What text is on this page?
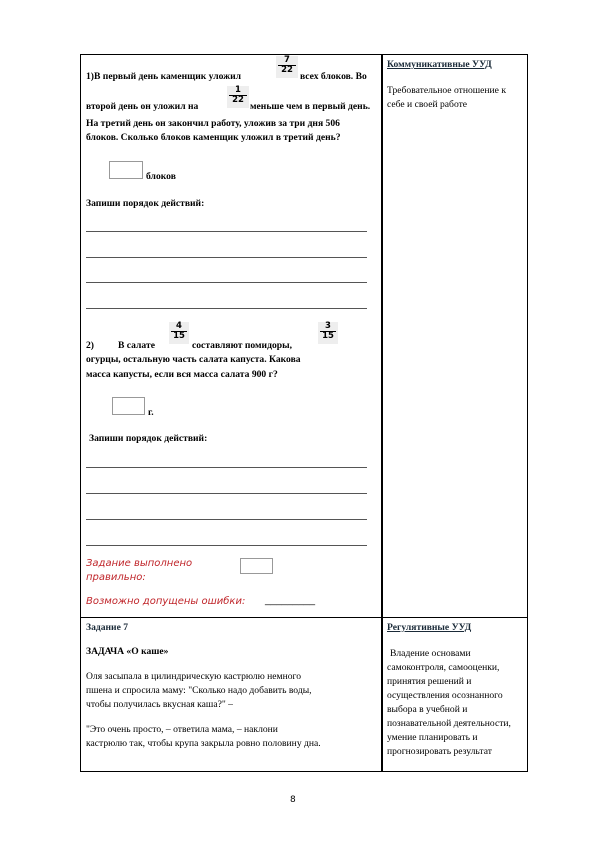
1)В первый день каменщик уложил
7
22
всех блоков. Во
второй день он уложил на
1
22
меньше чем в первый день.
На третий день он закончил работу, уложив за три дня 506
блоков. Сколько блоков каменщик уложил в третий день?
блоков
Запиши порядок действий:
2)	В салате
4
15
составляют помидоры,
3
15
огурцы, остальную часть салата капуста. Какова
масса капусты, если вся масса салата 900 г?
г.
Запиши порядок действий:
Задание выполнено
правильно:
Возможно допущены ошибки: _________
Коммуникативные УУД
Требовательное отношение к
себе и своей работе
Задание 7
ЗАДАЧА «О каше»
Оля засыпала в цилиндрическую кастрюлю немного
пшена и спросила маму: "Сколько надо добавить воды,
чтобы получилась вкусная каша?" –
"Это очень просто, – ответила мама, – наклони
кастрюлю так, чтобы крупа закрыла ровно половину дна.
Регулятивные УУД
Владение основами
самоконтроля, самооценки,
принятия решений и
осуществления осознанного
выбора в учебной и
познавательной деятельности,
умение планировать и
прогнозировать результат
8
